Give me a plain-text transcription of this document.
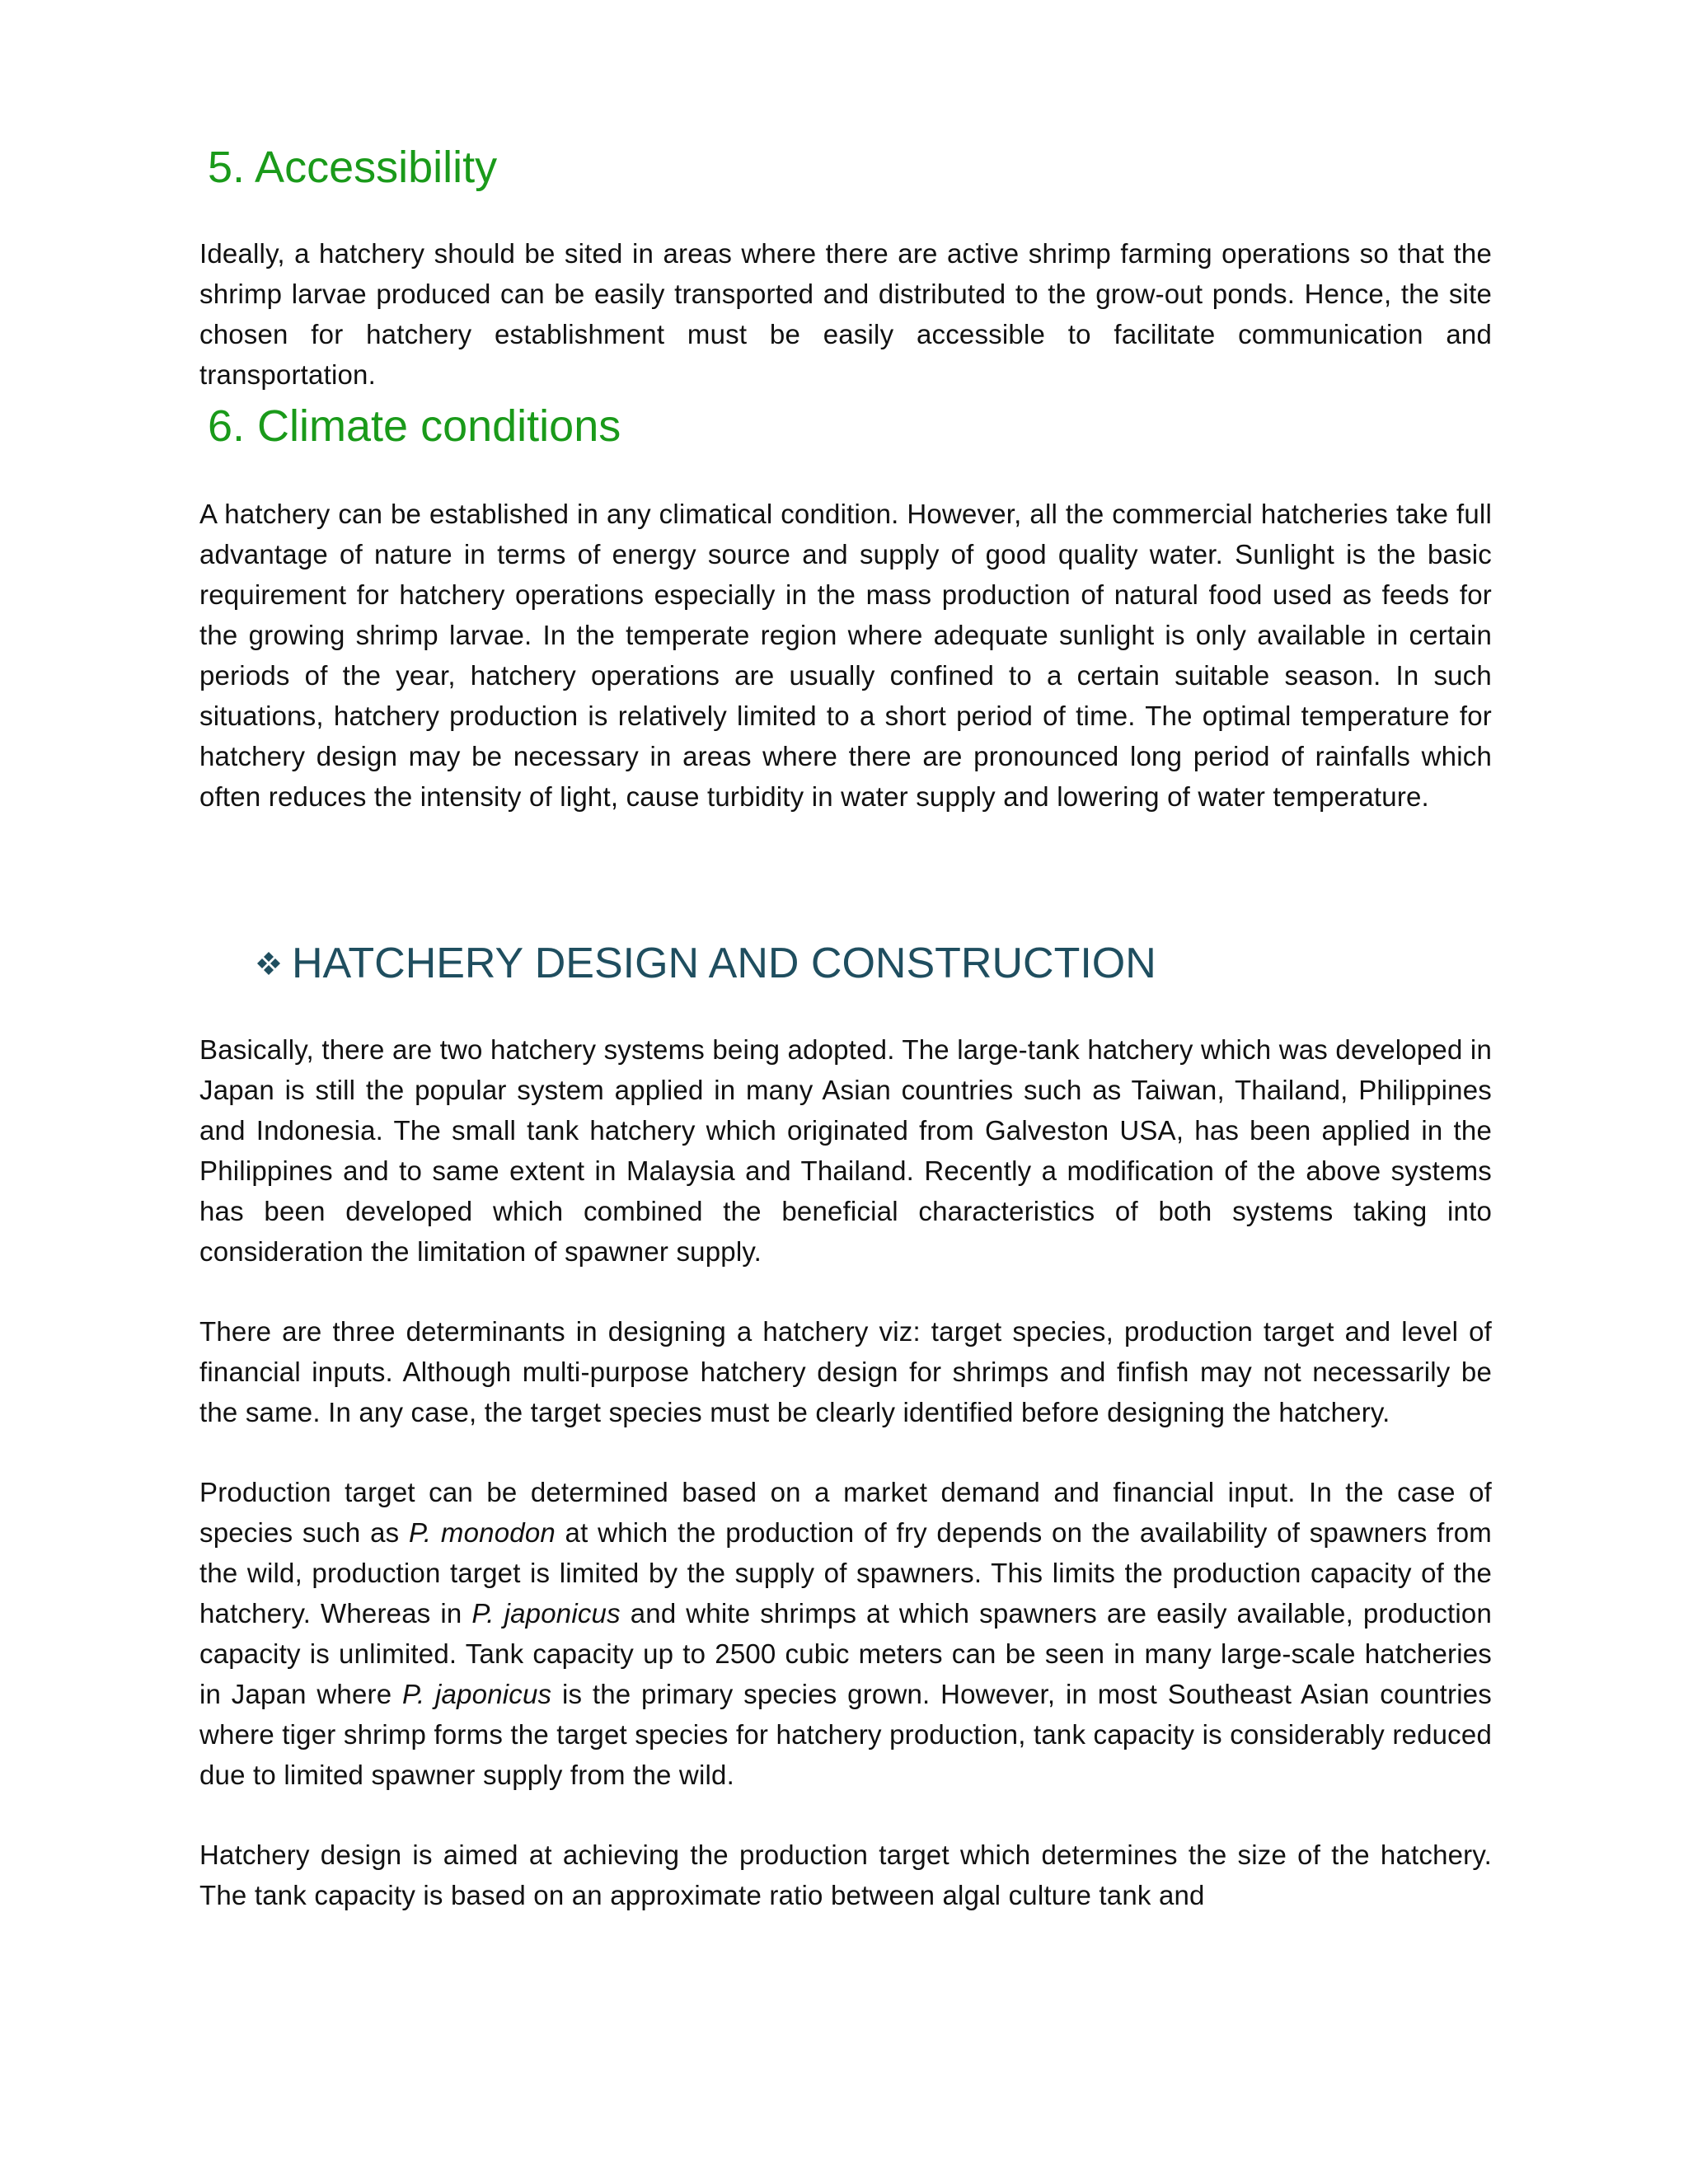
5. Accessibility

Ideally, a hatchery should be sited in areas where there are active shrimp farming operations so that the shrimp larvae produced can be easily transported and distributed to the grow-out ponds. Hence, the site chosen for hatchery establishment must be easily accessible to facilitate communication and transportation.

6. Climate conditions

A hatchery can be established in any climatical condition. However, all the commercial hatcheries take full advantage of nature in terms of energy source and supply of good quality water. Sunlight is the basic requirement for hatchery operations especially in the mass production of natural food used as feeds for the growing shrimp larvae. In the temperate region where adequate sunlight is only available in certain periods of the year, hatchery operations are usually confined to a certain suitable season. In such situations, hatchery production is relatively limited to a short period of time. The optimal temperature for hatchery design may be necessary in areas where there are pronounced long period of rainfalls which often reduces the intensity of light, cause turbidity in water supply and lowering of water temperature.

HATCHERY DESIGN AND CONSTRUCTION

Basically, there are two hatchery systems being adopted. The large-tank hatchery which was developed in Japan is still the popular system applied in many Asian countries such as Taiwan, Thailand, Philippines and Indonesia. The small tank hatchery which originated from Galveston USA, has been applied in the Philippines and to same extent in Malaysia and Thailand. Recently a modification of the above systems has been developed which combined the beneficial characteristics of both systems taking into consideration the limitation of spawner supply.

There are three determinants in designing a hatchery viz: target species, production target and level of financial inputs. Although multi-purpose hatchery design for shrimps and finfish may not necessarily be the same. In any case, the target species must be clearly identified before designing the hatchery.

Production target can be determined based on a market demand and financial input. In the case of species such as P. monodon at which the production of fry depends on the availability of spawners from the wild, production target is limited by the supply of spawners. This limits the production capacity of the hatchery. Whereas in P. japonicus and white shrimps at which spawners are easily available, production capacity is unlimited. Tank capacity up to 2500 cubic meters can be seen in many large-scale hatcheries in Japan where P. japonicus is the primary species grown. However, in most Southeast Asian countries where tiger shrimp forms the target species for hatchery production, tank capacity is considerably reduced due to limited spawner supply from the wild.

Hatchery design is aimed at achieving the production target which determines the size of the hatchery. The tank capacity is based on an approximate ratio between algal culture tank and
